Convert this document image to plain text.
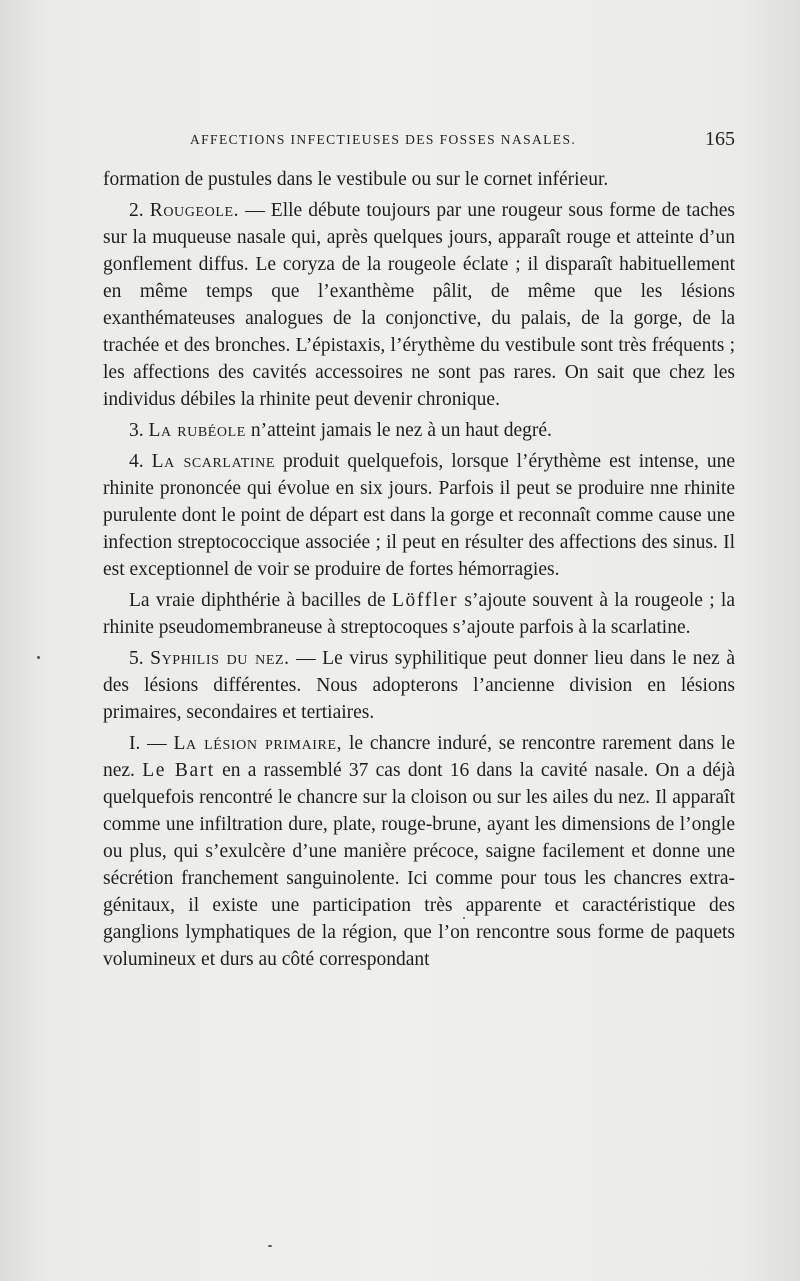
AFFECTIONS INFECTIEUSES DES FOSSES NASALES.	165

formation de pustules dans le vestibule ou sur le cornet inférieur.

2. Rougeole. — Elle débute toujours par une rougeur sous forme de taches sur la muqueuse nasale qui, après quelques jours, apparaît rouge et atteinte d’un gonflement diffus. Le coryza de la rougeole éclate ; il disparaît habituellement en même temps que l’exanthème pâlit, de même que les lésions exanthémateuses analogues de la conjonctive, du palais, de la gorge, de la trachée et des bronches. L’épistaxis, l’érythème du vestibule sont très fréquents ; les affections des cavités accessoires ne sont pas rares. On sait que chez les individus débiles la rhinite peut devenir chronique.

3. La rubéole n’atteint jamais le nez à un haut degré.

4. La scarlatine produit quelquefois, lorsque l’érythème est intense, une rhinite prononcée qui évolue en six jours. Parfois il peut se produire nne rhinite purulente dont le point de départ est dans la gorge et reconnaît comme cause une infection streptococcique associée ; il peut en résulter des affections des sinus. Il est exceptionnel de voir se produire de fortes hémorragies.

La vraie diphthérie à bacilles de Löffler s’ajoute souvent à la rougeole ; la rhinite pseudomembraneuse à streptocoques s’ajoute parfois à la scarlatine.

5. Syphilis du nez. — Le virus syphilitique peut donner lieu dans le nez à des lésions différentes. Nous adopterons l’ancienne division en lésions primaires, secondaires et tertiaires.

I. — La lésion primaire, le chancre induré, se rencontre rarement dans le nez. Le Bart en a rassemblé 37 cas dont 16 dans la cavité nasale. On a déjà quelquefois rencontré le chancre sur la cloison ou sur les ailes du nez. Il apparaît comme une infiltration dure, plate, rouge-brune, ayant les dimensions de l’ongle ou plus, qui s’exulcère d’une manière précoce, saigne facilement et donne une sécrétion franchement sanguinolente. Ici comme pour tous les chancres extra-génitaux, il existe une participation très apparente et caractéristique des ganglions lymphatiques de la région, que l’on rencontre sous forme de paquets volumineux et durs au côté correspondant
